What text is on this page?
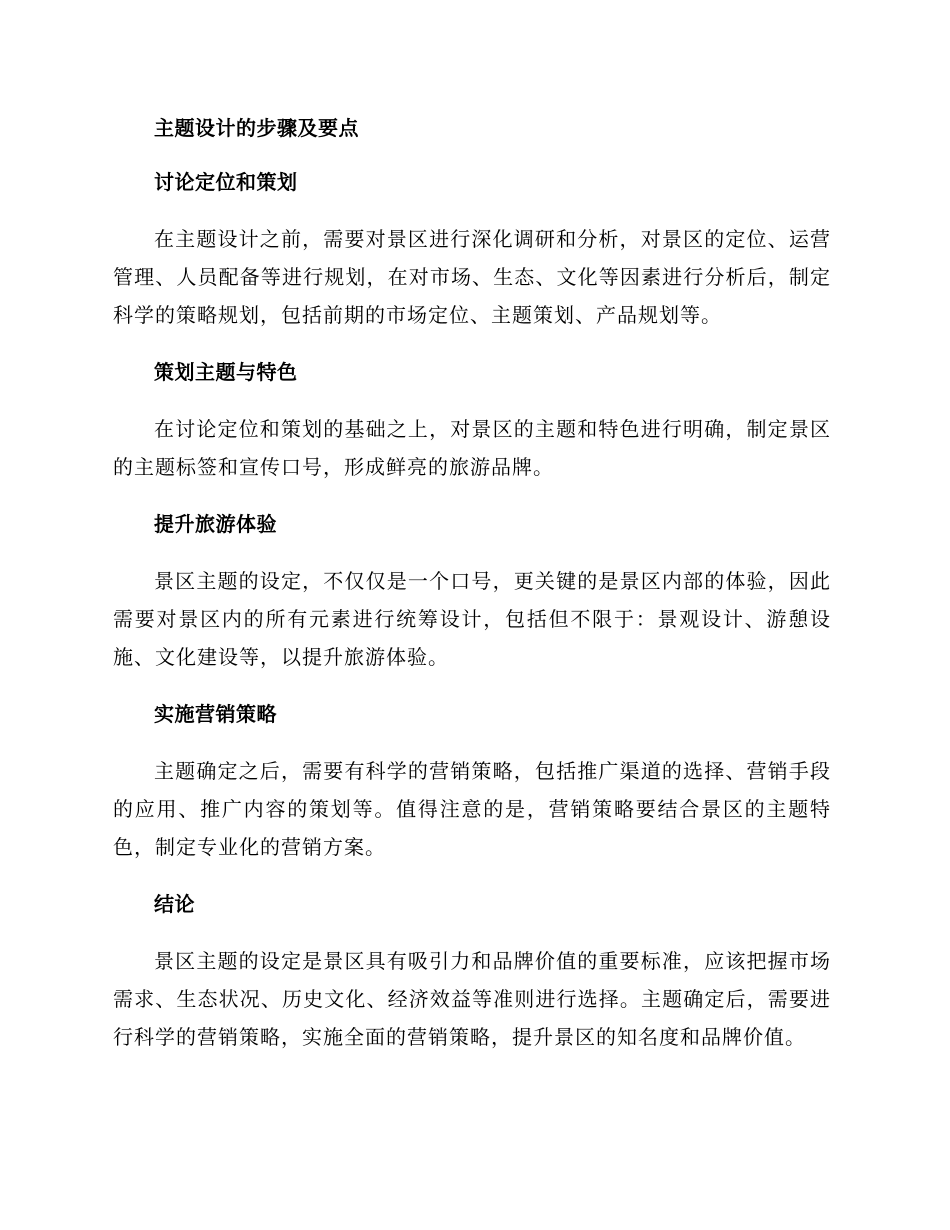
主题设计的步骤及要点
讨论定位和策划
在主题设计之前，需要对景区进行深化调研和分析，对景区的定位、运营管理、人员配备等进行规划，在对市场、生态、文化等因素进行分析后，制定科学的策略规划，包括前期的市场定位、主题策划、产品规划等。
策划主题与特色
在讨论定位和策划的基础之上，对景区的主题和特色进行明确，制定景区的主题标签和宣传口号，形成鲜亮的旅游品牌。
提升旅游体验
景区主题的设定，不仅仅是一个口号，更关键的是景区内部的体验，因此需要对景区内的所有元素进行统筹设计，包括但不限于：景观设计、游憩设施、文化建设等，以提升旅游体验。
实施营销策略
主题确定之后，需要有科学的营销策略，包括推广渠道的选择、营销手段的应用、推广内容的策划等。值得注意的是，营销策略要结合景区的主题特色，制定专业化的营销方案。
结论
景区主题的设定是景区具有吸引力和品牌价值的重要标准，应该把握市场需求、生态状况、历史文化、经济效益等准则进行选择。主题确定后，需要进行科学的营销策略，实施全面的营销策略，提升景区的知名度和品牌价值。
